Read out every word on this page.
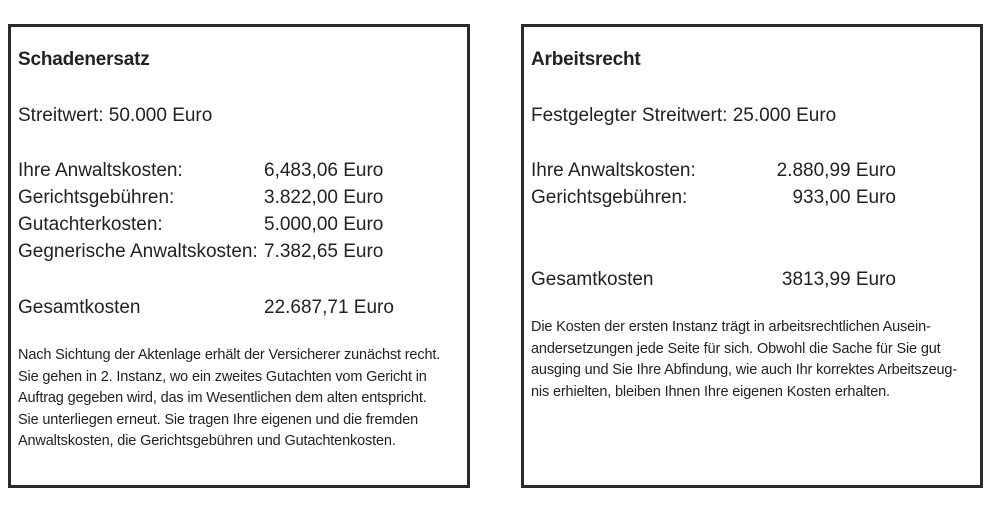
Schadenersatz
Streitwert: 50.000 Euro
Ihre Anwaltskosten:	6,483,06 Euro
Gerichtsgebühren:	3.822,00 Euro
Gutachterkosten:	5.000,00 Euro
Gegnerische Anwaltskosten: 7.382,65 Euro
Gesamtkosten	22.687,71 Euro
Nach Sichtung der Aktenlage erhält der Versicherer zunächst recht.
Sie gehen in 2. Instanz, wo ein zweites Gutachten vom Gericht in
Auftrag gegeben wird, das im Wesentlichen dem alten entspricht.
Sie unterliegen erneut. Sie tragen Ihre eigenen und die fremden
Anwaltskosten, die Gerichtsgebühren und Gutachtenkosten.
Arbeitsrecht
Festgelegter Streitwert: 25.000 Euro
Ihre Anwaltskosten:	2.880,99 Euro
Gerichtsgebühren:	933,00 Euro
Gesamtkosten	3813,99 Euro
Die Kosten der ersten Instanz trägt in arbeitsrechtlichen Ausein-
andersetzungen jede Seite für sich. Obwohl die Sache für Sie gut
ausging und Sie Ihre Abfindung, wie auch Ihr korrektes Arbeitszeug-
nis erhielten, bleiben Ihnen Ihre eigenen Kosten erhalten.
